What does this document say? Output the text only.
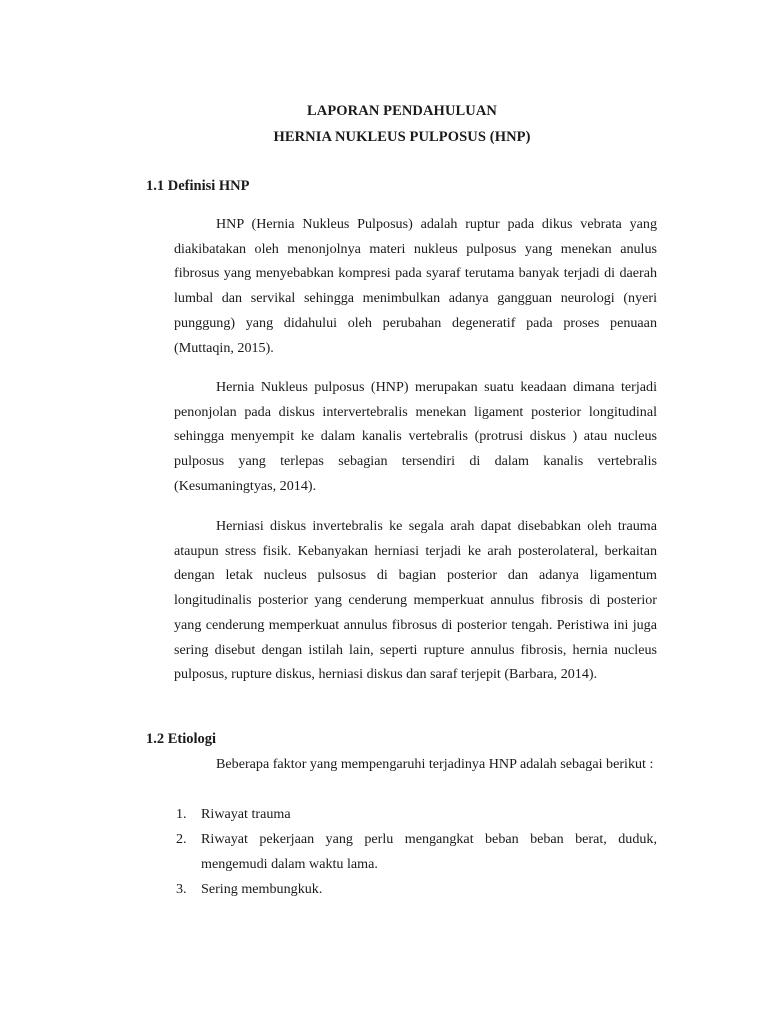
LAPORAN PENDAHULUAN
HERNIA NUKLEUS PULPOSUS (HNP)
1.1 Definisi HNP

HNP (Hernia Nukleus Pulposus) adalah ruptur pada dikus vebrata yang diakibatakan oleh menonjolnya materi nukleus pulposus yang menekan anulus fibrosus yang menyebabkan kompresi pada syaraf terutama banyak terjadi di daerah lumbal dan servikal sehingga menimbulkan adanya gangguan neurologi (nyeri punggung) yang didahului oleh perubahan degeneratif pada proses penuaan (Muttaqin, 2015).

Hernia Nukleus pulposus (HNP) merupakan suatu keadaan dimana terjadi penonjolan pada diskus intervertebralis menekan ligament posterior longitudinal sehingga menyempit ke dalam kanalis vertebralis (protrusi diskus ) atau nucleus pulposus yang terlepas sebagian tersendiri di dalam kanalis vertebralis (Kesumaningtyas, 2014).

Herniasi diskus invertebralis ke segala arah dapat disebabkan oleh trauma ataupun stress fisik. Kebanyakan herniasi terjadi ke arah posterolateral, berkaitan dengan letak nucleus pulsosus di bagian posterior dan adanya ligamentum longitudinalis posterior yang cenderung memperkuat annulus fibrosis di posterior yang cenderung memperkuat annulus fibrosus di posterior tengah. Peristiwa ini juga sering disebut dengan istilah lain, seperti rupture annulus fibrosis, hernia nucleus pulposus, rupture diskus, herniasi diskus dan saraf terjepit (Barbara, 2014).

1.2 Etiologi

Beberapa faktor yang mempengaruhi terjadinya HNP adalah sebagai berikut :

1. Riwayat trauma
2. Riwayat pekerjaan yang perlu mengangkat beban beban berat, duduk, mengemudi dalam waktu lama.
3. Sering membungkuk.
